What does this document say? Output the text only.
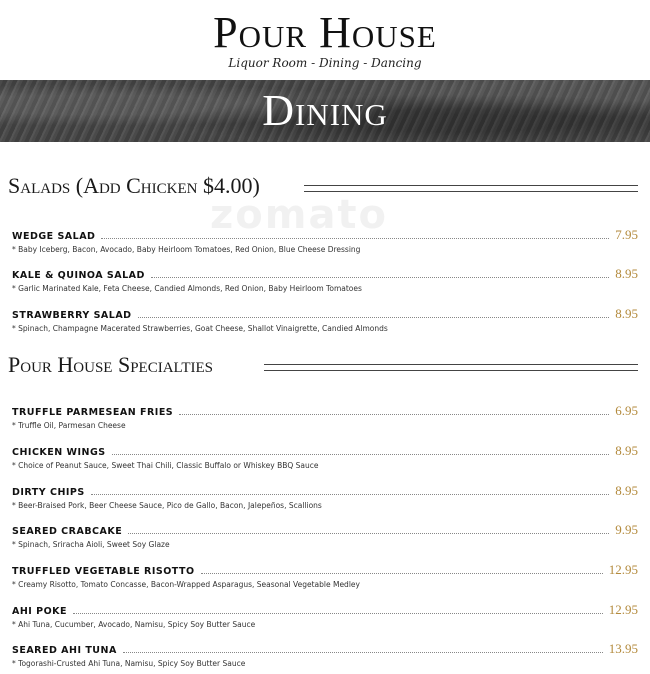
Pour House
Liquor Room - Dining - Dancing
Dining
zomato
Salads (Add Chicken $4.00)
WEDGE SALAD	7.95
* Baby Iceberg, Bacon, Avocado, Baby Heirloom Tomatoes, Red Onion, Blue Cheese Dressing
KALE & QUINOA SALAD	8.95
* Garlic Marinated Kale, Feta Cheese, Candied Almonds, Red Onion, Baby Heirloom Tomatoes
STRAWBERRY SALAD	8.95
* Spinach, Champagne Macerated Strawberries, Goat Cheese, Shallot Vinaigrette, Candied Almonds
Pour House Specialties
TRUFFLE PARMESEAN FRIES	6.95
* Truffle Oil, Parmesan Cheese
CHICKEN WINGS	8.95
* Choice of Peanut Sauce, Sweet Thai Chili, Classic Buffalo or Whiskey BBQ Sauce
DIRTY CHIPS	8.95
* Beer-Braised Pork, Beer Cheese Sauce, Pico de Gallo, Bacon, Jalepeños, Scallions
SEARED CRABCAKE	9.95
* Spinach, Sriracha Aioli, Sweet Soy Glaze
TRUFFLED VEGETABLE RISOTTO	12.95
* Creamy Risotto, Tomato Concasse, Bacon-Wrapped Asparagus, Seasonal Vegetable Medley
AHI POKE	12.95
* Ahi Tuna, Cucumber, Avocado, Namisu, Spicy Soy Butter Sauce
SEARED AHI TUNA	13.95
* Togorashi-Crusted Ahi Tuna, Namisu, Spicy Soy Butter Sauce
